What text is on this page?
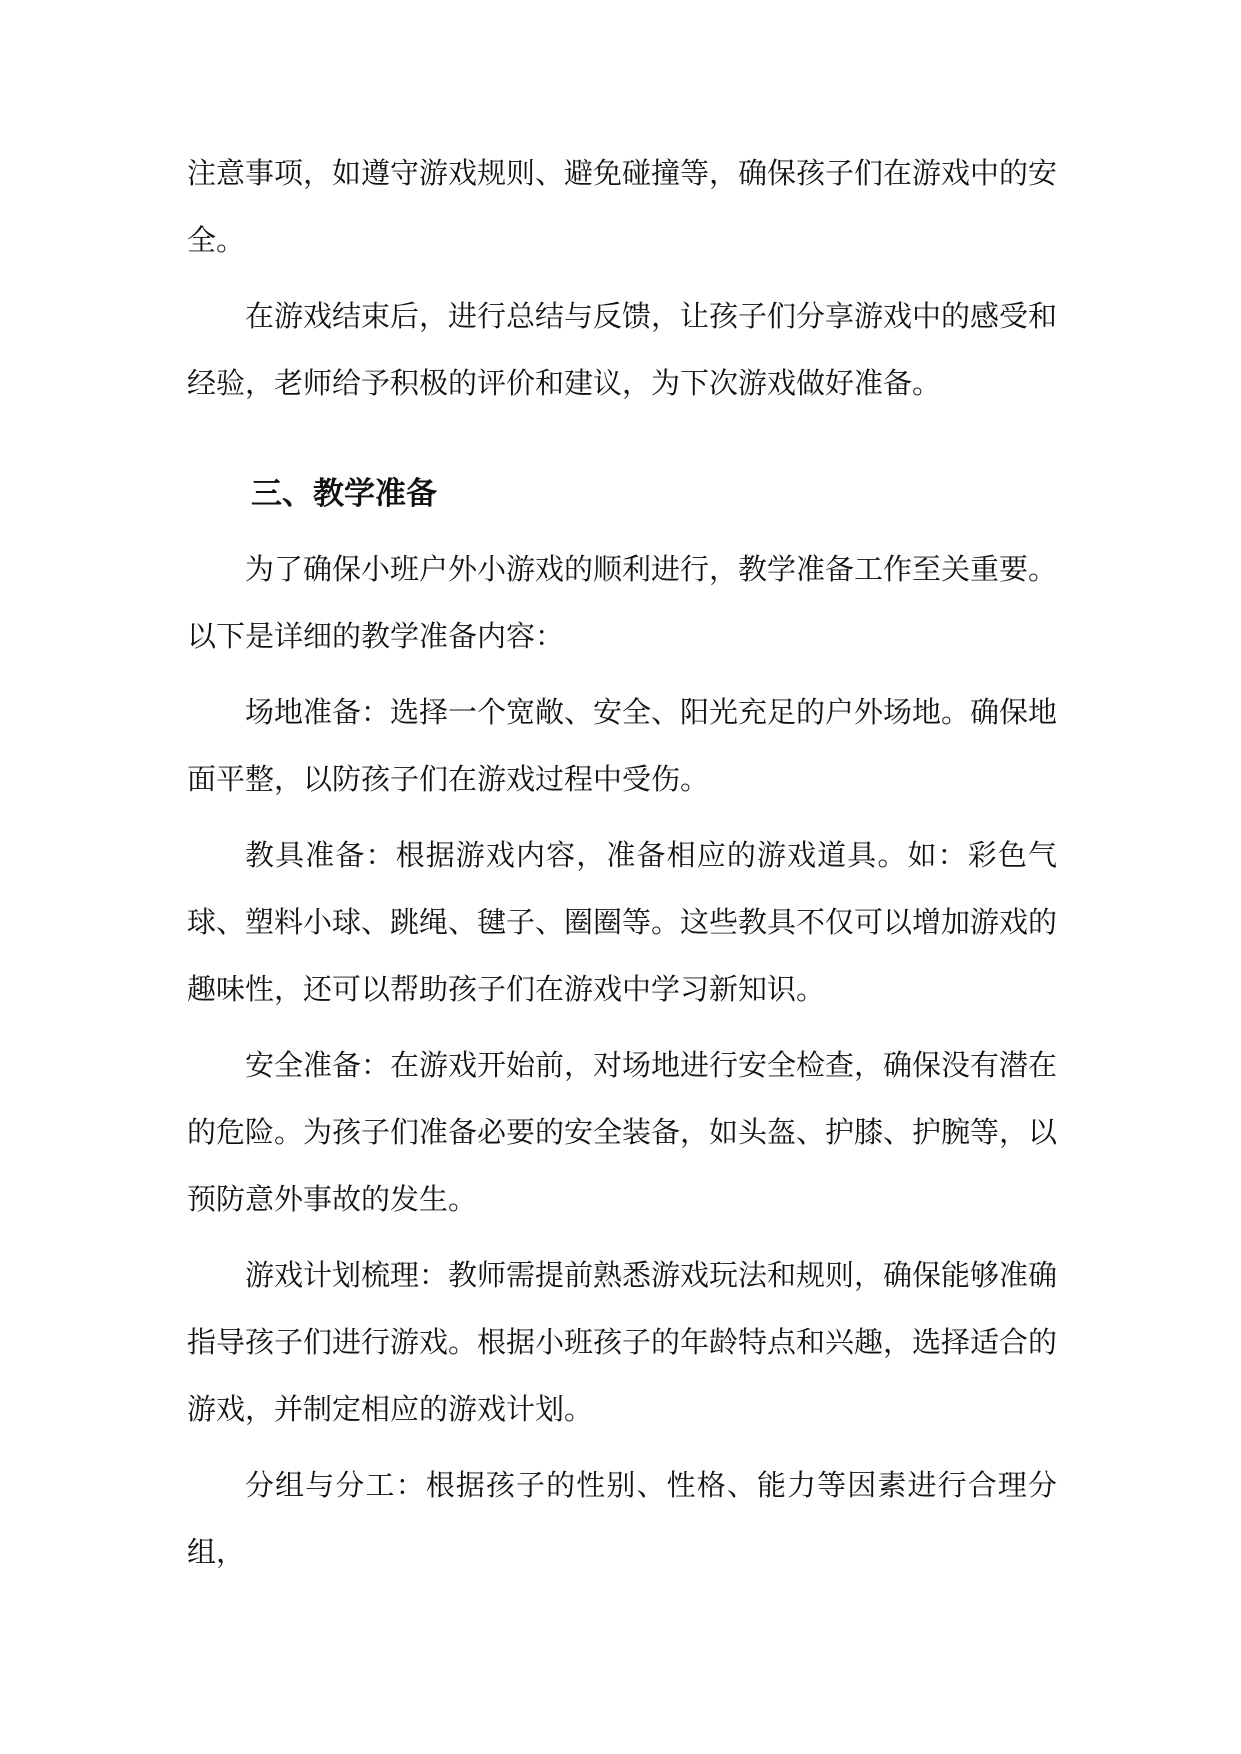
注意事项，如遵守游戏规则、避免碰撞等，确保孩子们在游戏中的安全。

在游戏结束后，进行总结与反馈，让孩子们分享游戏中的感受和经验，老师给予积极的评价和建议，为下次游戏做好准备。

三、教学准备

为了确保小班户外小游戏的顺利进行，教学准备工作至关重要。以下是详细的教学准备内容：

场地准备：选择一个宽敞、安全、阳光充足的户外场地。确保地面平整，以防孩子们在游戏过程中受伤。

教具准备：根据游戏内容，准备相应的游戏道具。如：彩色气球、塑料小球、跳绳、毽子、圈圈等。这些教具不仅可以增加游戏的趣味性，还可以帮助孩子们在游戏中学习新知识。

安全准备：在游戏开始前，对场地进行安全检查，确保没有潜在的危险。为孩子们准备必要的安全装备，如头盔、护膝、护腕等，以预防意外事故的发生。

游戏计划梳理：教师需提前熟悉游戏玩法和规则，确保能够准确指导孩子们进行游戏。根据小班孩子的年龄特点和兴趣，选择适合的游戏，并制定相应的游戏计划。

分组与分工：根据孩子的性别、性格、能力等因素进行合理分组，
